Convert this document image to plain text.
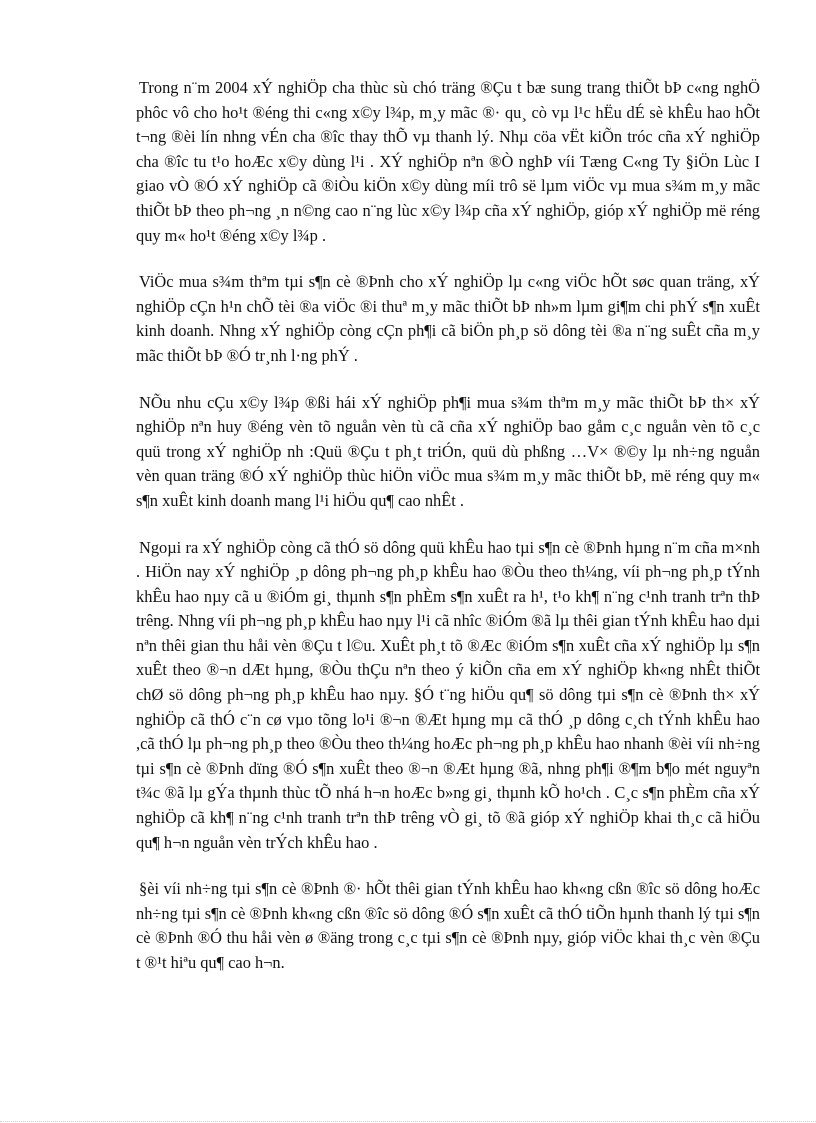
Trong n¨m 2004 xÝ nghiÖp cha thùc sù chó träng ®Çu t bæ sung trang thiÕt bÞ c«ng nghÖ phôc vô cho ho¹t ®éng thi c«ng x©y l¾p, m¸y mãc ®· qu¸ cò vµ l¹c hËu dÉ sè khÊu hao hÕt t¬ng ®èi lín nhng vÉn cha ®îc thay thÕ vµ thanh lý. Nhµ cöa vËt kiÕn tróc cña xÝ nghiÖp cha ®îc tu t¹o hoÆc x©y dùng l¹i . XÝ nghiÖp nªn ®Ò nghÞ víi Tæng C«ng Ty §iÖn Lùc I giao vÒ ®Ó xÝ nghiÖp cã ®iÒu kiÖn x©y dùng míi trô së lµm viÖc vµ mua s¾m m¸y mãc thiÕt bÞ theo ph¬ng ¸n n©ng cao n¨ng lùc x©y l¾p cña xÝ nghiÖp, gióp xÝ nghiÖp më réng quy m« ho¹t ®éng x©y l¾p .

ViÖc mua s¾m thªm tµi s¶n cè ®Þnh cho xÝ nghiÖp lµ c«ng viÖc hÕt søc quan träng, xÝ nghiÖp cÇn h¹n chÕ tèi ®a viÖc ®i thuª m¸y mãc thiÕt bÞ nh»m lµm gi¶m chi phÝ s¶n xuÊt kinh doanh. Nhng xÝ nghiÖp còng cÇn ph¶i cã biÖn ph¸p sö dông tèi ®a n¨ng suÊt cña m¸y mãc thiÕt bÞ ®Ó tr¸nh l·ng phÝ .

NÕu nhu cÇu x©y l¾p ®ßi hái xÝ nghiÖp ph¶i mua s¾m thªm m¸y mãc thiÕt bÞ th× xÝ nghiÖp nªn huy ®éng vèn tõ nguån vèn tù cã cña xÝ nghiÖp bao gåm c¸c nguån vèn tõ c¸c quü trong xÝ nghiÖp nh :Quü ®Çu t ph¸t triÓn, quü dù phßng …V× ®©y lµ nh÷ng nguån vèn quan träng ®Ó xÝ nghiÖp thùc hiÖn viÖc mua s¾m m¸y mãc thiÕt bÞ, më réng quy m« s¶n xuÊt kinh doanh mang l¹i hiÖu qu¶ cao nhÊt .

Ngoµi ra xÝ nghiÖp còng cã thÓ sö dông quü khÊu hao tµi s¶n cè ®Þnh hµng n¨m cña m×nh . HiÖn nay xÝ nghiÖp ¸p dông ph¬ng ph¸p khÊu hao ®Òu theo th¼ng, víi ph¬ng ph¸p tÝnh khÊu hao nµy cã u ®iÓm gi¸ thµnh s¶n phÈm s¶n xuÊt ra h¹, t¹o kh¶ n¨ng c¹nh tranh trªn thÞ trêng. Nhng víi ph¬ng ph¸p khÊu hao nµy l¹i cã nhîc ®iÓm ®ã lµ thêi gian tÝnh khÊu hao dµi nªn thêi gian thu håi vèn ®Çu t l©u. XuÊt ph¸t tõ ®Æc ®iÓm s¶n xuÊt cña xÝ nghiÖp lµ s¶n xuÊt theo ®¬n dÆt hµng, ®Òu thÇu nªn theo ý kiÕn cña em xÝ nghiÖp kh«ng nhÊt thiÕt chØ sö dông ph¬ng ph¸p khÊu hao nµy. §Ó t¨ng hiÖu qu¶ sö dông tµi s¶n cè ®Þnh th× xÝ nghiÖp cã thÓ c¨n cø vµo tõng lo¹i ®¬n ®Æt hµng mµ cã thÓ ¸p dông c¸ch tÝnh khÊu hao ,cã thÓ lµ ph¬ng ph¸p theo ®Òu theo th¼ng hoÆc ph¬ng ph¸p khÊu hao nhanh ®èi víi nh÷ng tµi s¶n cè ®Þnh dïng ®Ó s¶n xuÊt theo ®¬n ®Æt hµng ®ã, nhng ph¶i ®¶m b¶o mét nguyªn t¾c ®ã lµ gÝa thµnh thùc tÕ nhá h¬n hoÆc b»ng gi¸ thµnh kÕ ho¹ch . C¸c s¶n phÈm cña xÝ nghiÖp cã kh¶ n¨ng c¹nh tranh trªn thÞ trêng vÒ gi¸ tõ ®ã gióp xÝ nghiÖp khai th¸c cã hiÖu qu¶ h¬n nguån vèn trÝch khÊu hao .

§èi víi nh÷ng tµi s¶n cè ®Þnh ®· hÕt thêi gian tÝnh khÊu hao kh«ng cßn ®îc sö dông hoÆc nh÷ng tµi s¶n cè ®Þnh kh«ng cßn ®îc sö dông ®Ó s¶n xuÊt cã thÓ tiÕn hµnh thanh lý tµi s¶n cè ®Þnh ®Ó thu håi vèn ø ®äng trong c¸c tµi s¶n cè ®Þnh nµy, gióp viÖc khai th¸c vèn ®Çu t ®¹t hiªu qu¶ cao h¬n.
